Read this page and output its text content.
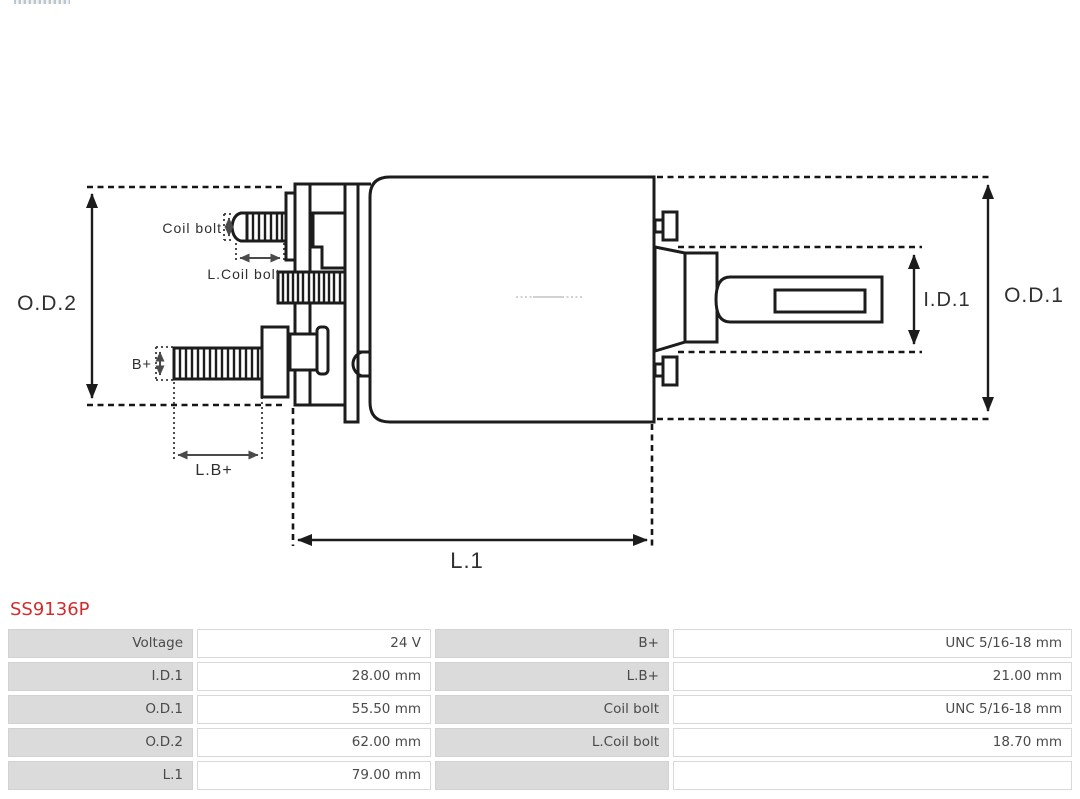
O.D.2	O.D.1
I.D.1
L.1
Coil bolt
L.Coil bolt
B+
L.B+
SS9136P
Voltage	24 V	B+	UNC 5/16-18 mm
I.D.1	28.00 mm	L.B+	21.00 mm
O.D.1	55.50 mm	Coil bolt	UNC 5/16-18 mm
O.D.2	62.00 mm	L.Coil bolt	18.70 mm
L.1	79.00 mm
